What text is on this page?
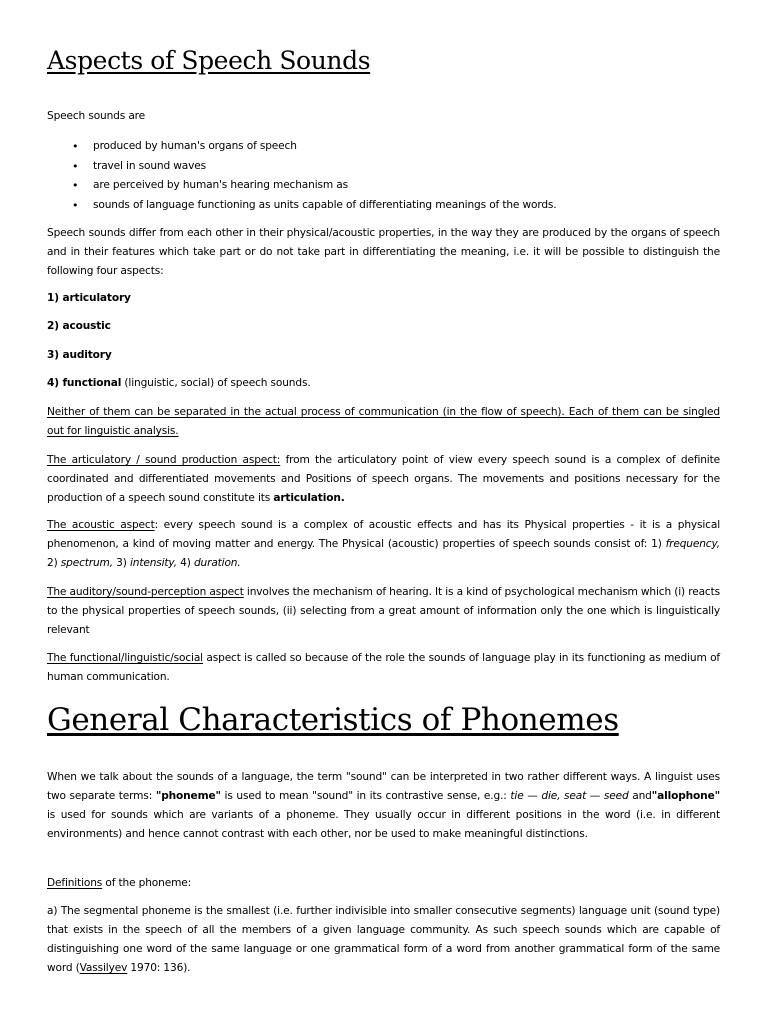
Aspects of Speech Sounds

Speech sounds are

• produced by human's organs of speech
• travel in sound waves
• are perceived by human's hearing mechanism as
• sounds of language functioning as units capable of differentiating meanings of the words.

Speech sounds differ from each other in their physical/acoustic properties, in the way they are produced by the organs of speech and in their features which take part or do not take part in differentiating the meaning, i.e. it will be possible to distinguish the following four aspects:

1) articulatory

2) acoustic

3) auditory

4) functional (linguistic, social) of speech sounds.

Neither of them can be separated in the actual process of communication (in the flow of speech). Each of them can be singled out for linguistic analysis.

The articulatory / sound production aspect: from the articulatory point of view every speech sound is a complex of definite coordinated and differentiated movements and Positions of speech organs. The movements and positions necessary for the production of a speech sound constitute its articulation.

The acoustic aspect: every speech sound is a complex of acoustic effects and has its Physical properties - it is a physical phenomenon, a kind of moving matter and energy. The Physical (acoustic) properties of speech sounds consist of: 1) frequency, 2) spectrum, 3) intensity, 4) duration.

The auditory/sound-perception aspect involves the mechanism of hearing. It is a kind of psychological mechanism which (i) reacts to the physical properties of speech sounds, (ii) selecting from a great amount of information only the one which is linguistically relevant

The functional/linguistic/social aspect is called so because of the role the sounds of language play in its functioning as medium of human communication.

When we talk about the sounds of a language, the term "sound" can be interpreted in two rather different ways. A linguist uses two separate terms: "phoneme" is used to mean "sound" in its contrastive sense, e.g.: tie — die, seat — seed and"allophone" is used for sounds which are variants of a phoneme. They usually occur in different positions in the word (i.e. in different environments) and hence cannot contrast with each other, nor be used to make meaningful distinctions.

Definitions of the phoneme:

a) The segmental phoneme is the smallest (i.e. further indivisible into smaller consecutive segments) language unit (sound type) that exists in the speech of all the members of a given language community. As such speech sounds which are capable of distinguishing one word of the same language or one grammatical form of a word from another grammatical form of the same word (Vassilyev 1970: 136).

General Characteristics of Phonemes
